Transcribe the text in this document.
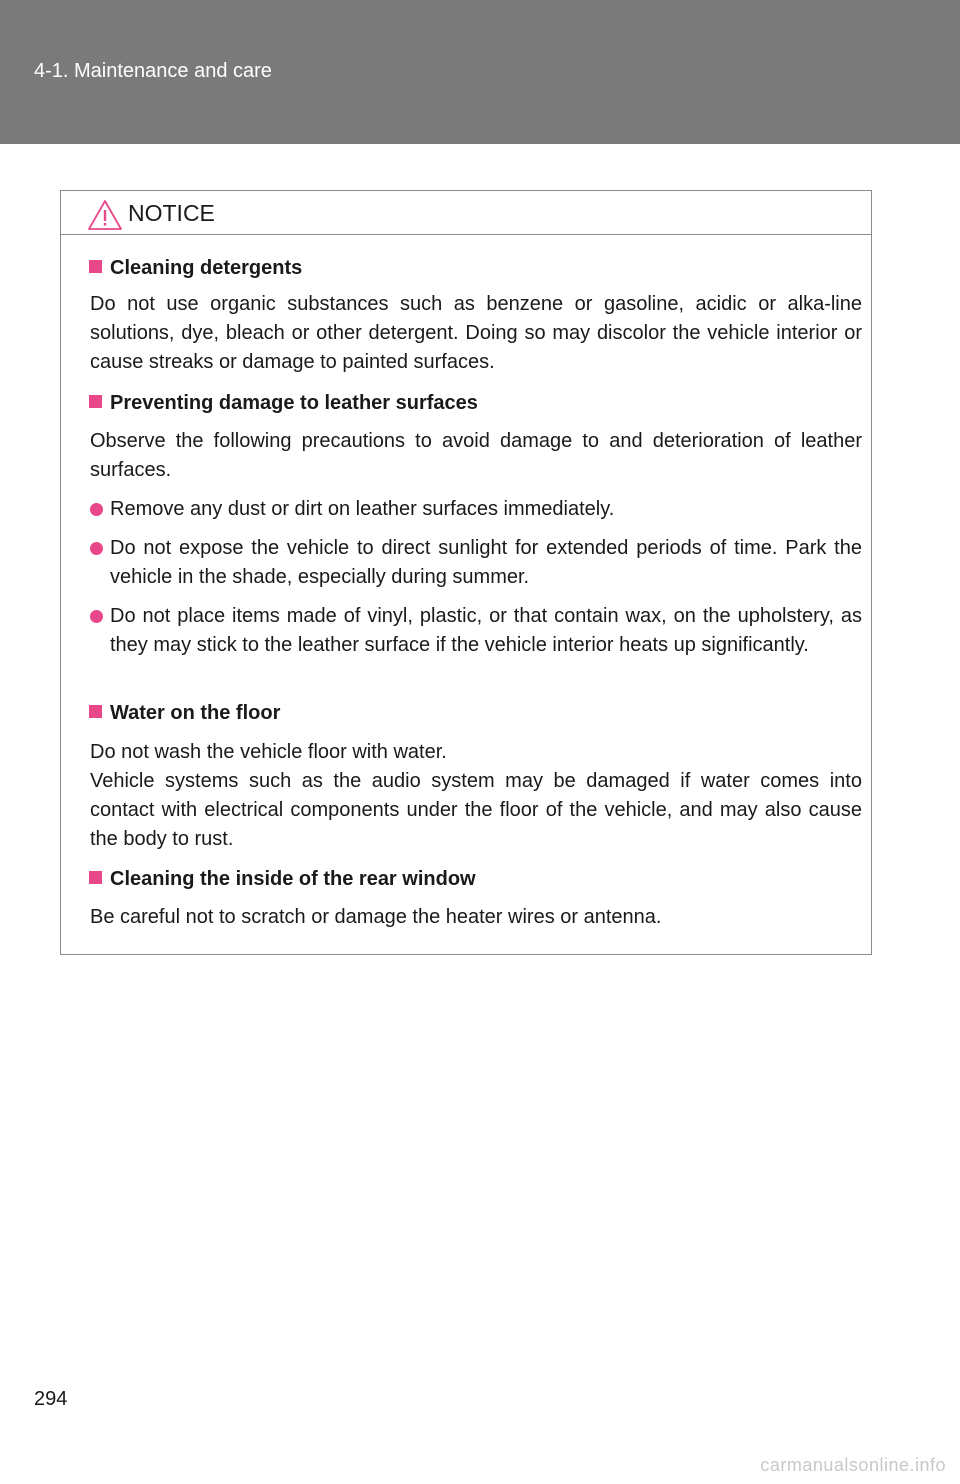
4-1. Maintenance and care
NOTICE
Cleaning detergents
Do not use organic substances such as benzene or gasoline, acidic or alka-line solutions, dye, bleach or other detergent. Doing so may discolor the vehicle interior or cause streaks or damage to painted surfaces.
Preventing damage to leather surfaces
Observe the following precautions to avoid damage to and deterioration of leather surfaces.
Remove any dust or dirt on leather surfaces immediately.
Do not expose the vehicle to direct sunlight for extended periods of time. Park the vehicle in the shade, especially during summer.
Do not place items made of vinyl, plastic, or that contain wax, on the upholstery, as they may stick to the leather surface if the vehicle interior heats up significantly.
Water on the floor
Do not wash the vehicle floor with water.
Vehicle systems such as the audio system may be damaged if water comes into contact with electrical components under the floor of the vehicle, and may also cause the body to rust.
Cleaning the inside of the rear window
Be careful not to scratch or damage the heater wires or antenna.
294
carmanualsonline.info
